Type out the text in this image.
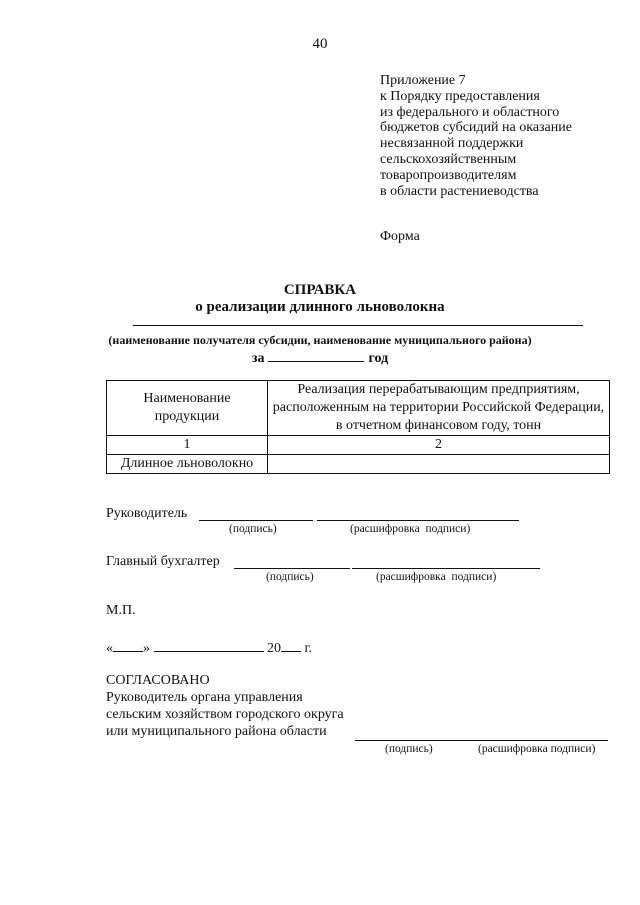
40
Приложение 7
к Порядку предоставления
из федерального и областного
бюджетов субсидий на оказание
несвязанной поддержки
сельскохозяйственным
товаропроизводителям
в области растениеводства
Форма
СПРАВКА
о реализации длинного льноволокна
(наименование получателя субсидии, наименование муниципального района)
за	год
Наименование продукции	Реализация перерабатывающим предприятиям, расположенным на территории Российской Федерации, в отчетном финансовом году, тонн
1	2
Длинное льноволокно	
Руководитель
(подпись)	(расшифровка  подписи)
Главный бухгалтер
(подпись)	(расшифровка  подписи)
М.П.
« »	20 г.
СОГЛАСОВАНО
Руководитель органа управления
сельским хозяйством городского округа
или муниципального района области
(подпись)	(расшифровка подписи)
